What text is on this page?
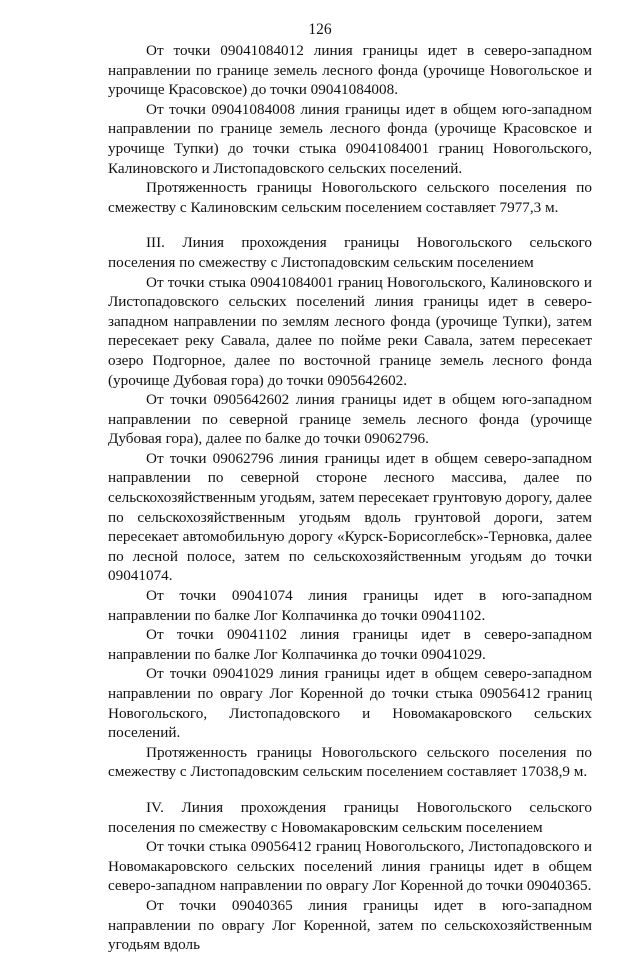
126

От точки 09041084012 линия границы идет в северо-западном направлении по границе земель лесного фонда (урочище Новогольское и урочище Красовское) до точки 09041084008.

От точки 09041084008 линия границы идет в общем юго-западном направлении по границе земель лесного фонда (урочище Красовское и урочище Тупки) до точки стыка 09041084001 границ Новогольского, Калиновского и Листопадовского сельских поселений.

Протяженность границы Новогольского сельского поселения по смежеству с Калиновским сельским поселением составляет 7977,3 м.

III. Линия прохождения границы Новогольского сельского поселения по смежеству с Листопадовским сельским поселением

От точки стыка 09041084001 границ Новогольского, Калиновского и Листопадовского сельских поселений линия границы идет в северо-западном направлении по землям лесного фонда (урочище Тупки), затем пересекает реку Савала, далее по пойме реки Савала, затем пересекает озеро Подгорное, далее по восточной границе земель лесного фонда (урочище Дубовая гора) до точки 0905642602.

От точки 0905642602 линия границы идет в общем юго-западном направлении по северной границе земель лесного фонда (урочище Дубовая гора), далее по балке до точки 09062796.

От точки 09062796 линия границы идет в общем северо-западном направлении по северной стороне лесного массива, далее по сельскохозяйственным угодьям, затем пересекает грунтовую дорогу, далее по сельскохозяйственным угодьям вдоль грунтовой дороги, затем пересекает автомобильную дорогу «Курск-Борисоглебск»-Терновка, далее по лесной полосе, затем по сельскохозяйственным угодьям до точки 09041074.

От точки 09041074 линия границы идет в юго-западном направлении по балке Лог Колпачинка до точки 09041102.

От точки 09041102 линия границы идет в северо-западном направлении по балке Лог Колпачинка до точки 09041029.

От точки 09041029 линия границы идет в общем северо-западном направлении по оврагу Лог Коренной до точки стыка 09056412 границ Новогольского, Листопадовского и Новомакаровского сельских поселений.

Протяженность границы Новогольского сельского поселения по смежеству с Листопадовским сельским поселением составляет 17038,9 м.

IV. Линия прохождения границы Новогольского сельского поселения по смежеству с Новомакаровским сельским поселением

От точки стыка 09056412 границ Новогольского, Листопадовского и Новомакаровского сельских поселений линия границы идет в общем северо-западном направлении по оврагу Лог Коренной до точки 09040365.

От точки 09040365 линия границы идет в юго-западном направлении по оврагу Лог Коренной, затем по сельскохозяйственным угодьям вдоль
